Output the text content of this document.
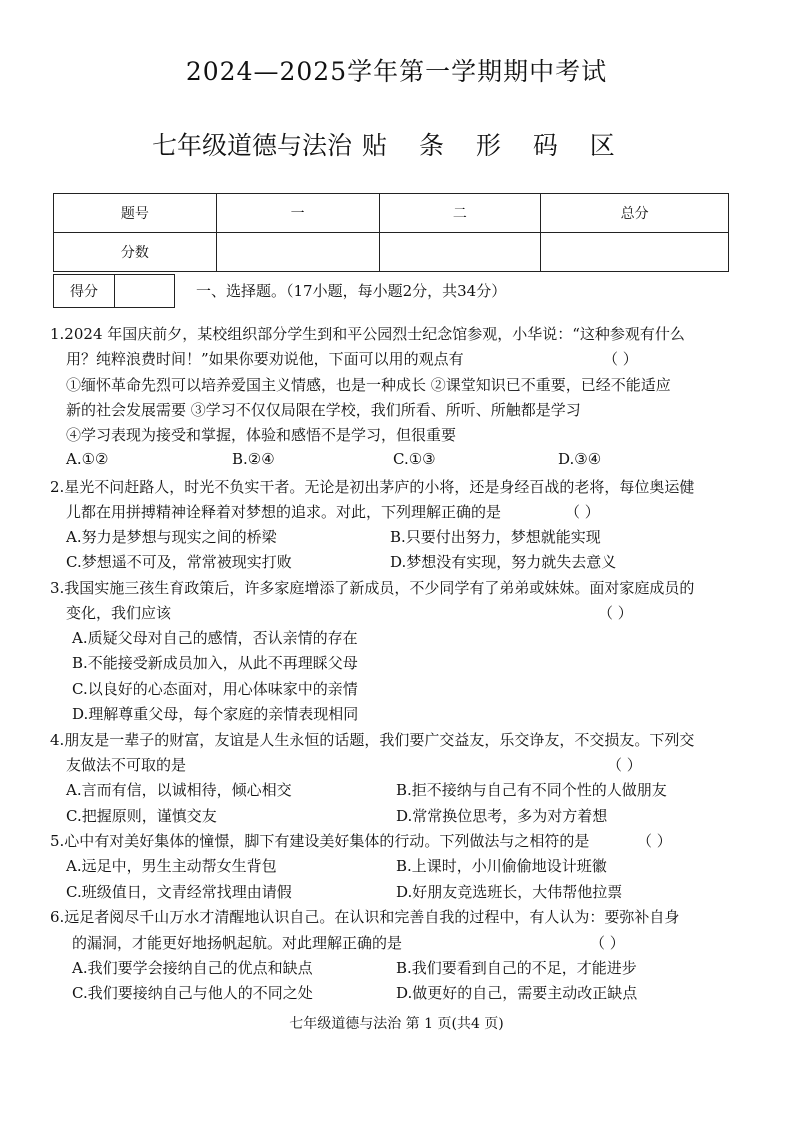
2024—2025学年第一学期期中考试
七年级道德与法治 贴 条 形 码 区
题号	一	二	总分
分数			
得分	一、选择题。（17小题，每小题2分，共34分）
1.2024 年国庆前夕，某校组织部分学生到和平公园烈士纪念馆参观，小华说：“这种参观有什么
用？纯粹浪费时间！”如果你要劝说他，下面可以用的观点有	（ ）
①缅怀革命先烈可以培养爱国主义情感，也是一种成长 ②课堂知识已不重要，已经不能适应
新的社会发展需要 ③学习不仅仅局限在学校，我们所看、所听、所触都是学习
④学习表现为接受和掌握，体验和感悟不是学习，但很重要
A.①②	B.②④	C.①③	D.③④
2.星光不问赶路人，时光不负实干者。无论是初出茅庐的小将，还是身经百战的老将，每位奥运健
儿都在用拼搏精神诠释着对梦想的追求。对此，下列理解正确的是	（ ）
A.努力是梦想与现实之间的桥梁	B.只要付出努力，梦想就能实现
C.梦想遥不可及，常常被现实打败	D.梦想没有实现，努力就失去意义
3.我国实施三孩生育政策后，许多家庭增添了新成员，不少同学有了弟弟或妹妹。面对家庭成员的
变化，我们应该	（ ）
A.质疑父母对自己的感情，否认亲情的存在
B.不能接受新成员加入，从此不再理睬父母
C.以良好的心态面对，用心体味家中的亲情
D.理解尊重父母，每个家庭的亲情表现相同
4.朋友是一辈子的财富，友谊是人生永恒的话题，我们要广交益友，乐交诤友，不交损友。下列交
友做法不可取的是	（ ）
A.言而有信，以诚相待，倾心相交	B.拒不接纳与自己有不同个性的人做朋友
C.把握原则，谨慎交友	D.常常换位思考，多为对方着想
5.心中有对美好集体的憧憬，脚下有建设美好集体的行动。下列做法与之相符的是	（ ）
A.远足中，男生主动帮女生背包	B.上课时，小川偷偷地设计班徽
C.班级值日，文青经常找理由请假	D.好朋友竞选班长，大伟帮他拉票
6.远足者阅尽千山万水才清醒地认识自己。在认识和完善自我的过程中，有人认为：要弥补自身
的漏洞，才能更好地扬帆起航。对此理解正确的是	（ ）
A.我们要学会接纳自己的优点和缺点	B.我们要看到自己的不足，才能进步
C.我们要接纳自己与他人的不同之处	D.做更好的自己，需要主动改正缺点
七年级道德与法治 第 1 页(共4 页)
